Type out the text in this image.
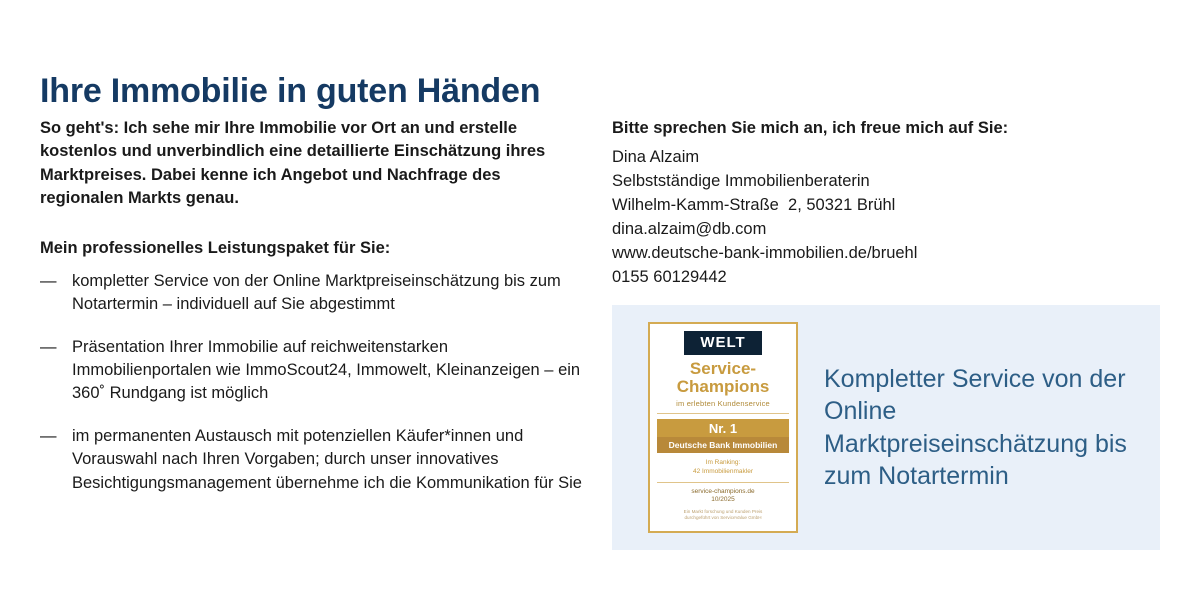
Ihre Immobilie in guten Händen

So geht's: Ich sehe mir Ihre Immobilie vor Ort an und erstelle kostenlos und unverbindlich eine detaillierte Einschätzung ihres Marktpreises. Dabei kenne ich Angebot und Nachfrage des regionalen Markts genau.

Mein professionelles Leistungspaket für Sie:

— kompletter Service von der Online Marktpreiseinschätzung bis zum Notartermin – individuell auf Sie abgestimmt
— Präsentation Ihrer Immobilie auf reichweitenstarken Immobilienportalen wie ImmoScout24, Immowelt, Kleinanzeigen – ein 360˚ Rundgang ist möglich
— im permanenten Austausch mit potenziellen Käufer*innen und Vorauswahl nach Ihren Vorgaben; durch unser innovatives Besichtigungsmanagement übernehme ich die Kommunikation für Sie

Bitte sprechen Sie mich an, ich freue mich auf Sie:

Dina Alzaim
Selbstständige Immobilienberaterin
Wilhelm-Kamm-Straße  2, 50321 Brühl
dina.alzaim@db.com
www.deutsche-bank-immobilien.de/bruehl
0155 60129442
WELT
Service-
Champions
im erlebten Kundenservice
Nr. 1
Deutsche Bank Immobilien
Im Ranking:
42 Immobilienmakler
service-champions.de
10/2025
Ein Markt forschung und Kunden Preis
durchgeführt von ServiceValue GmbH
Kompletter Service von der Online Marktpreiseinschätzung bis zum Notartermin
